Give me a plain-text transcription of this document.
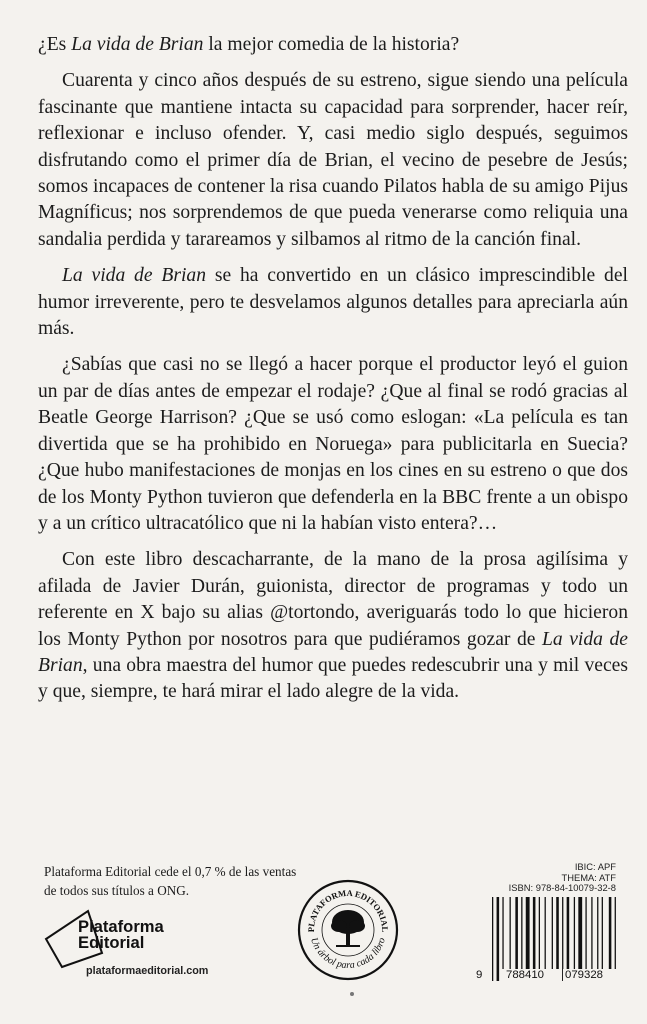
¿Es La vida de Brian la mejor comedia de la historia?

Cuarenta y cinco años después de su estreno, sigue siendo una película fascinante que mantiene intacta su capacidad para sorprender, hacer reír, reflexionar e incluso ofender. Y, casi medio siglo después, seguimos disfrutando como el primer día de Brian, el vecino de pesebre de Jesús; somos incapaces de contener la risa cuando Pilatos habla de su amigo Pijus Magníficus; nos sorprendemos de que pueda venerarse como reliquia una sandalia perdida y tarareamos y silbamos al ritmo de la canción final.

La vida de Brian se ha convertido en un clásico imprescindible del humor irreverente, pero te desvelamos algunos detalles para apreciarla aún más.

¿Sabías que casi no se llegó a hacer porque el productor leyó el guion un par de días antes de empezar el rodaje? ¿Que al final se rodó gracias al Beatle George Harrison? ¿Que se usó como eslogan: «La película es tan divertida que se ha prohibido en Noruega» para publicitarla en Suecia? ¿Que hubo manifestaciones de monjas en los cines en su estreno o que dos de los Monty Python tuvieron que defenderla en la BBC frente a un obispo y a un crítico ultracatólico que ni la habían visto entera?…

Con este libro descacharrante, de la mano de la prosa agilísima y afilada de Javier Durán, guionista, director de programas y todo un referente en X bajo su alias @tortondo, averiguarás todo lo que hicieron los Monty Python por nosotros para que pudiéramos gozar de La vida de Brian, una obra maestra del humor que puedes redescubrir una y mil veces y que, siempre, te hará mirar el lado alegre de la vida.

Plataforma Editorial cede el 0,7 % de las ventas
de todos sus títulos a ONG.
Plataforma
Editorial
plataformaeditorial.com
PLATAFORMA EDITORIAL
Un árbol para cada libro
IBIC: APF
THEMA: ATF
ISBN: 978-84-10079-32-8
9 788410 079328
